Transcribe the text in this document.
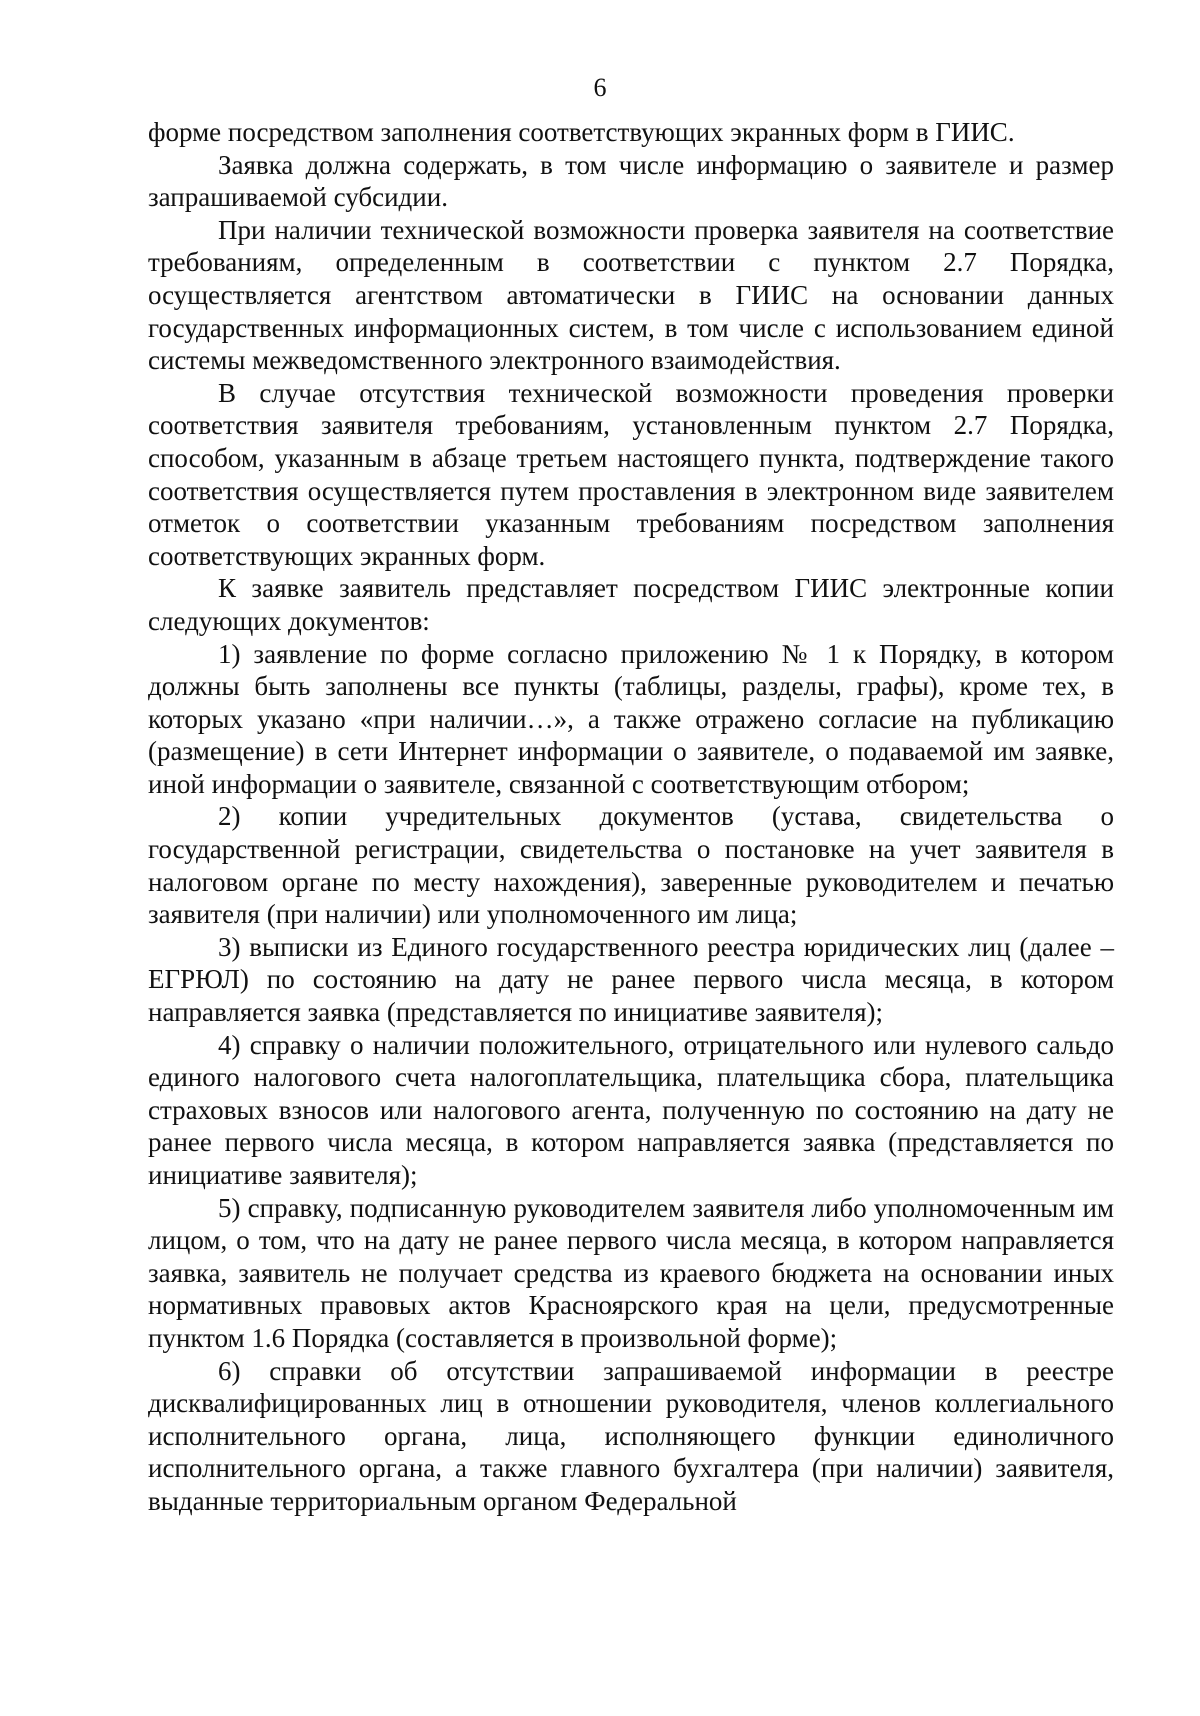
6

форме посредством заполнения соответствующих экранных форм в ГИИС.

Заявка должна содержать, в том числе информацию о заявителе и размер запрашиваемой субсидии.

При наличии технической возможности проверка заявителя на соответствие требованиям, определенным в соответствии с пунктом 2.7 Порядка, осуществляется агентством автоматически в ГИИС на основании данных государственных информационных систем, в том числе с использованием единой системы межведомственного электронного взаимодействия.

В случае отсутствия технической возможности проведения проверки соответствия заявителя требованиям, установленным пунктом 2.7 Порядка, способом, указанным в абзаце третьем настоящего пункта, подтверждение такого соответствия осуществляется путем проставления в электронном виде заявителем отметок о соответствии указанным требованиям посредством заполнения соответствующих экранных форм.

К заявке заявитель представляет посредством ГИИС электронные копии следующих документов:

1) заявление по форме согласно приложению № 1 к Порядку, в котором должны быть заполнены все пункты (таблицы, разделы, графы), кроме тех, в которых указано «при наличии…», а также отражено согласие на публикацию (размещение) в сети Интернет информации о заявителе, о подаваемой им заявке, иной информации о заявителе, связанной с соответствующим отбором;

2) копии учредительных документов (устава, свидетельства о государственной регистрации, свидетельства о постановке на учет заявителя в налоговом органе по месту нахождения), заверенные руководителем и печатью заявителя (при наличии) или уполномоченного им лица;

3) выписки из Единого государственного реестра юридических лиц (далее – ЕГРЮЛ) по состоянию на дату не ранее первого числа месяца, в котором направляется заявка (представляется по инициативе заявителя);

4) справку о наличии положительного, отрицательного или нулевого сальдо единого налогового счета налогоплательщика, плательщика сбора, плательщика страховых взносов или налогового агента, полученную по состоянию на дату не ранее первого числа месяца, в котором направляется заявка (представляется по инициативе заявителя);

5) справку, подписанную руководителем заявителя либо уполномоченным им лицом, о том, что на дату не ранее первого числа месяца, в котором направляется заявка, заявитель не получает средства из краевого бюджета на основании иных нормативных правовых актов Красноярского края на цели, предусмотренные пунктом 1.6 Порядка (составляется в произвольной форме);

6) справки об отсутствии запрашиваемой информации в реестре дисквалифицированных лиц в отношении руководителя, членов коллегиального исполнительного органа, лица, исполняющего функции единоличного исполнительного органа, а также главного бухгалтера (при наличии) заявителя, выданные территориальным органом Федеральной
